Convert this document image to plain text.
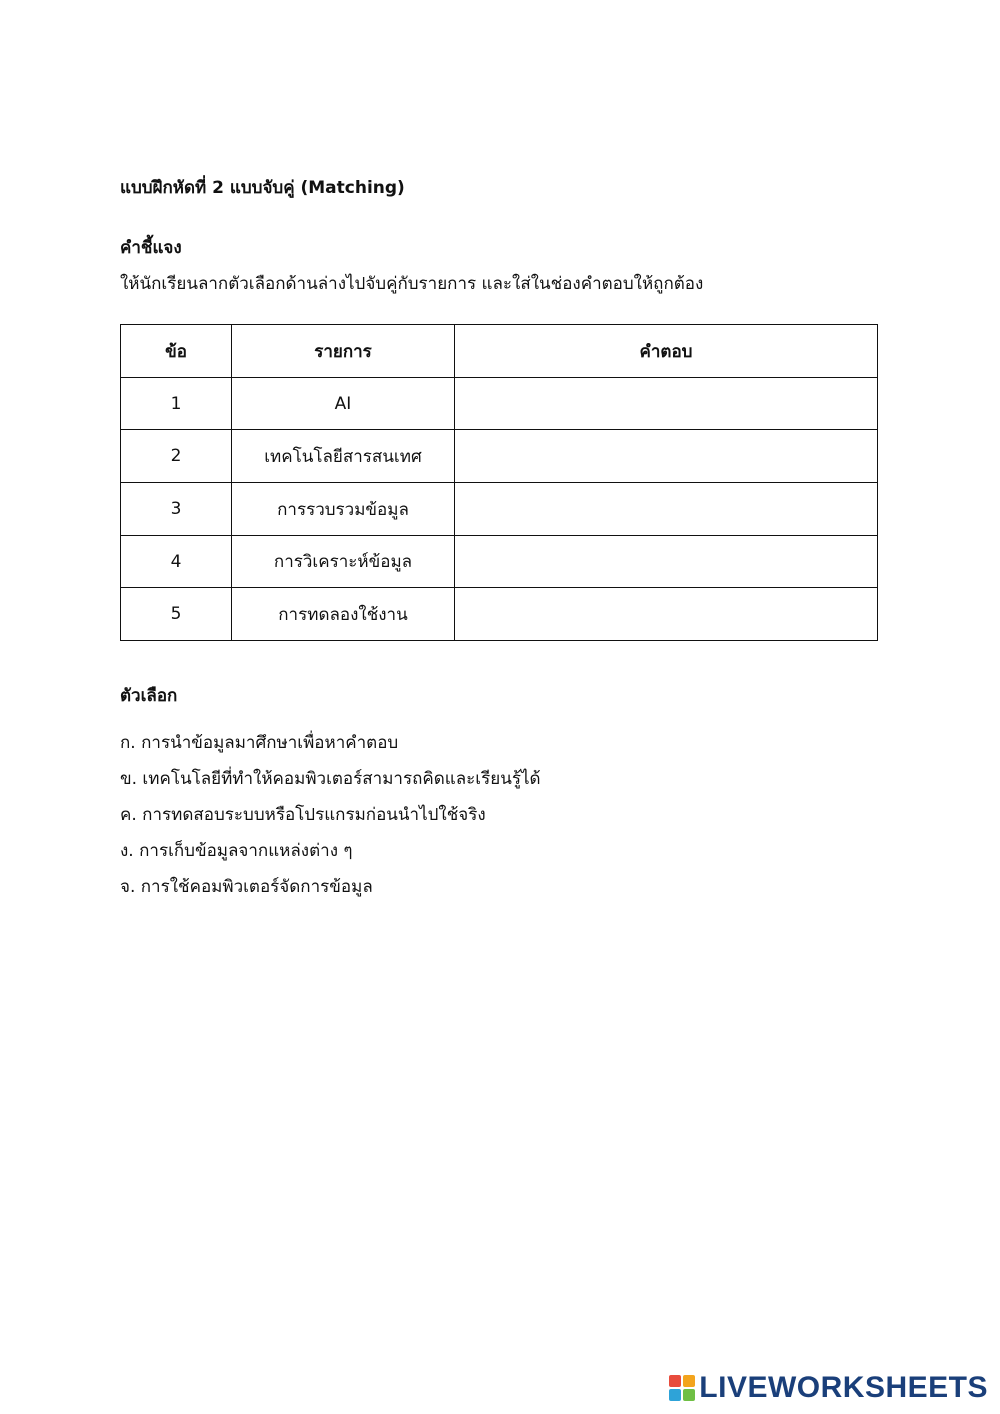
แบบฝึกหัดที่ 2 แบบจับคู่ (Matching)
คำชี้แจง
ให้นักเรียนลากตัวเลือกด้านล่างไปจับคู่กับรายการ และใส่ในช่องคำตอบให้ถูกต้อง
ข้อ	รายการ	คำตอบ
1	AI	

2	เทคโนโลยีสารสนเทศ	

3	การรวบรวมข้อมูล	

4	การวิเคราะห์ข้อมูล	

5	การทดลองใช้งาน	
ตัวเลือก
ก. การนำข้อมูลมาศึกษาเพื่อหาคำตอบ
ข. เทคโนโลยีที่ทำให้คอมพิวเตอร์สามารถคิดและเรียนรู้ได้
ค. การทดสอบระบบหรือโปรแกรมก่อนนำไปใช้จริง
ง. การเก็บข้อมูลจากแหล่งต่าง ๆ
จ. การใช้คอมพิวเตอร์จัดการข้อมูล
LIVEWORKSHEETS
